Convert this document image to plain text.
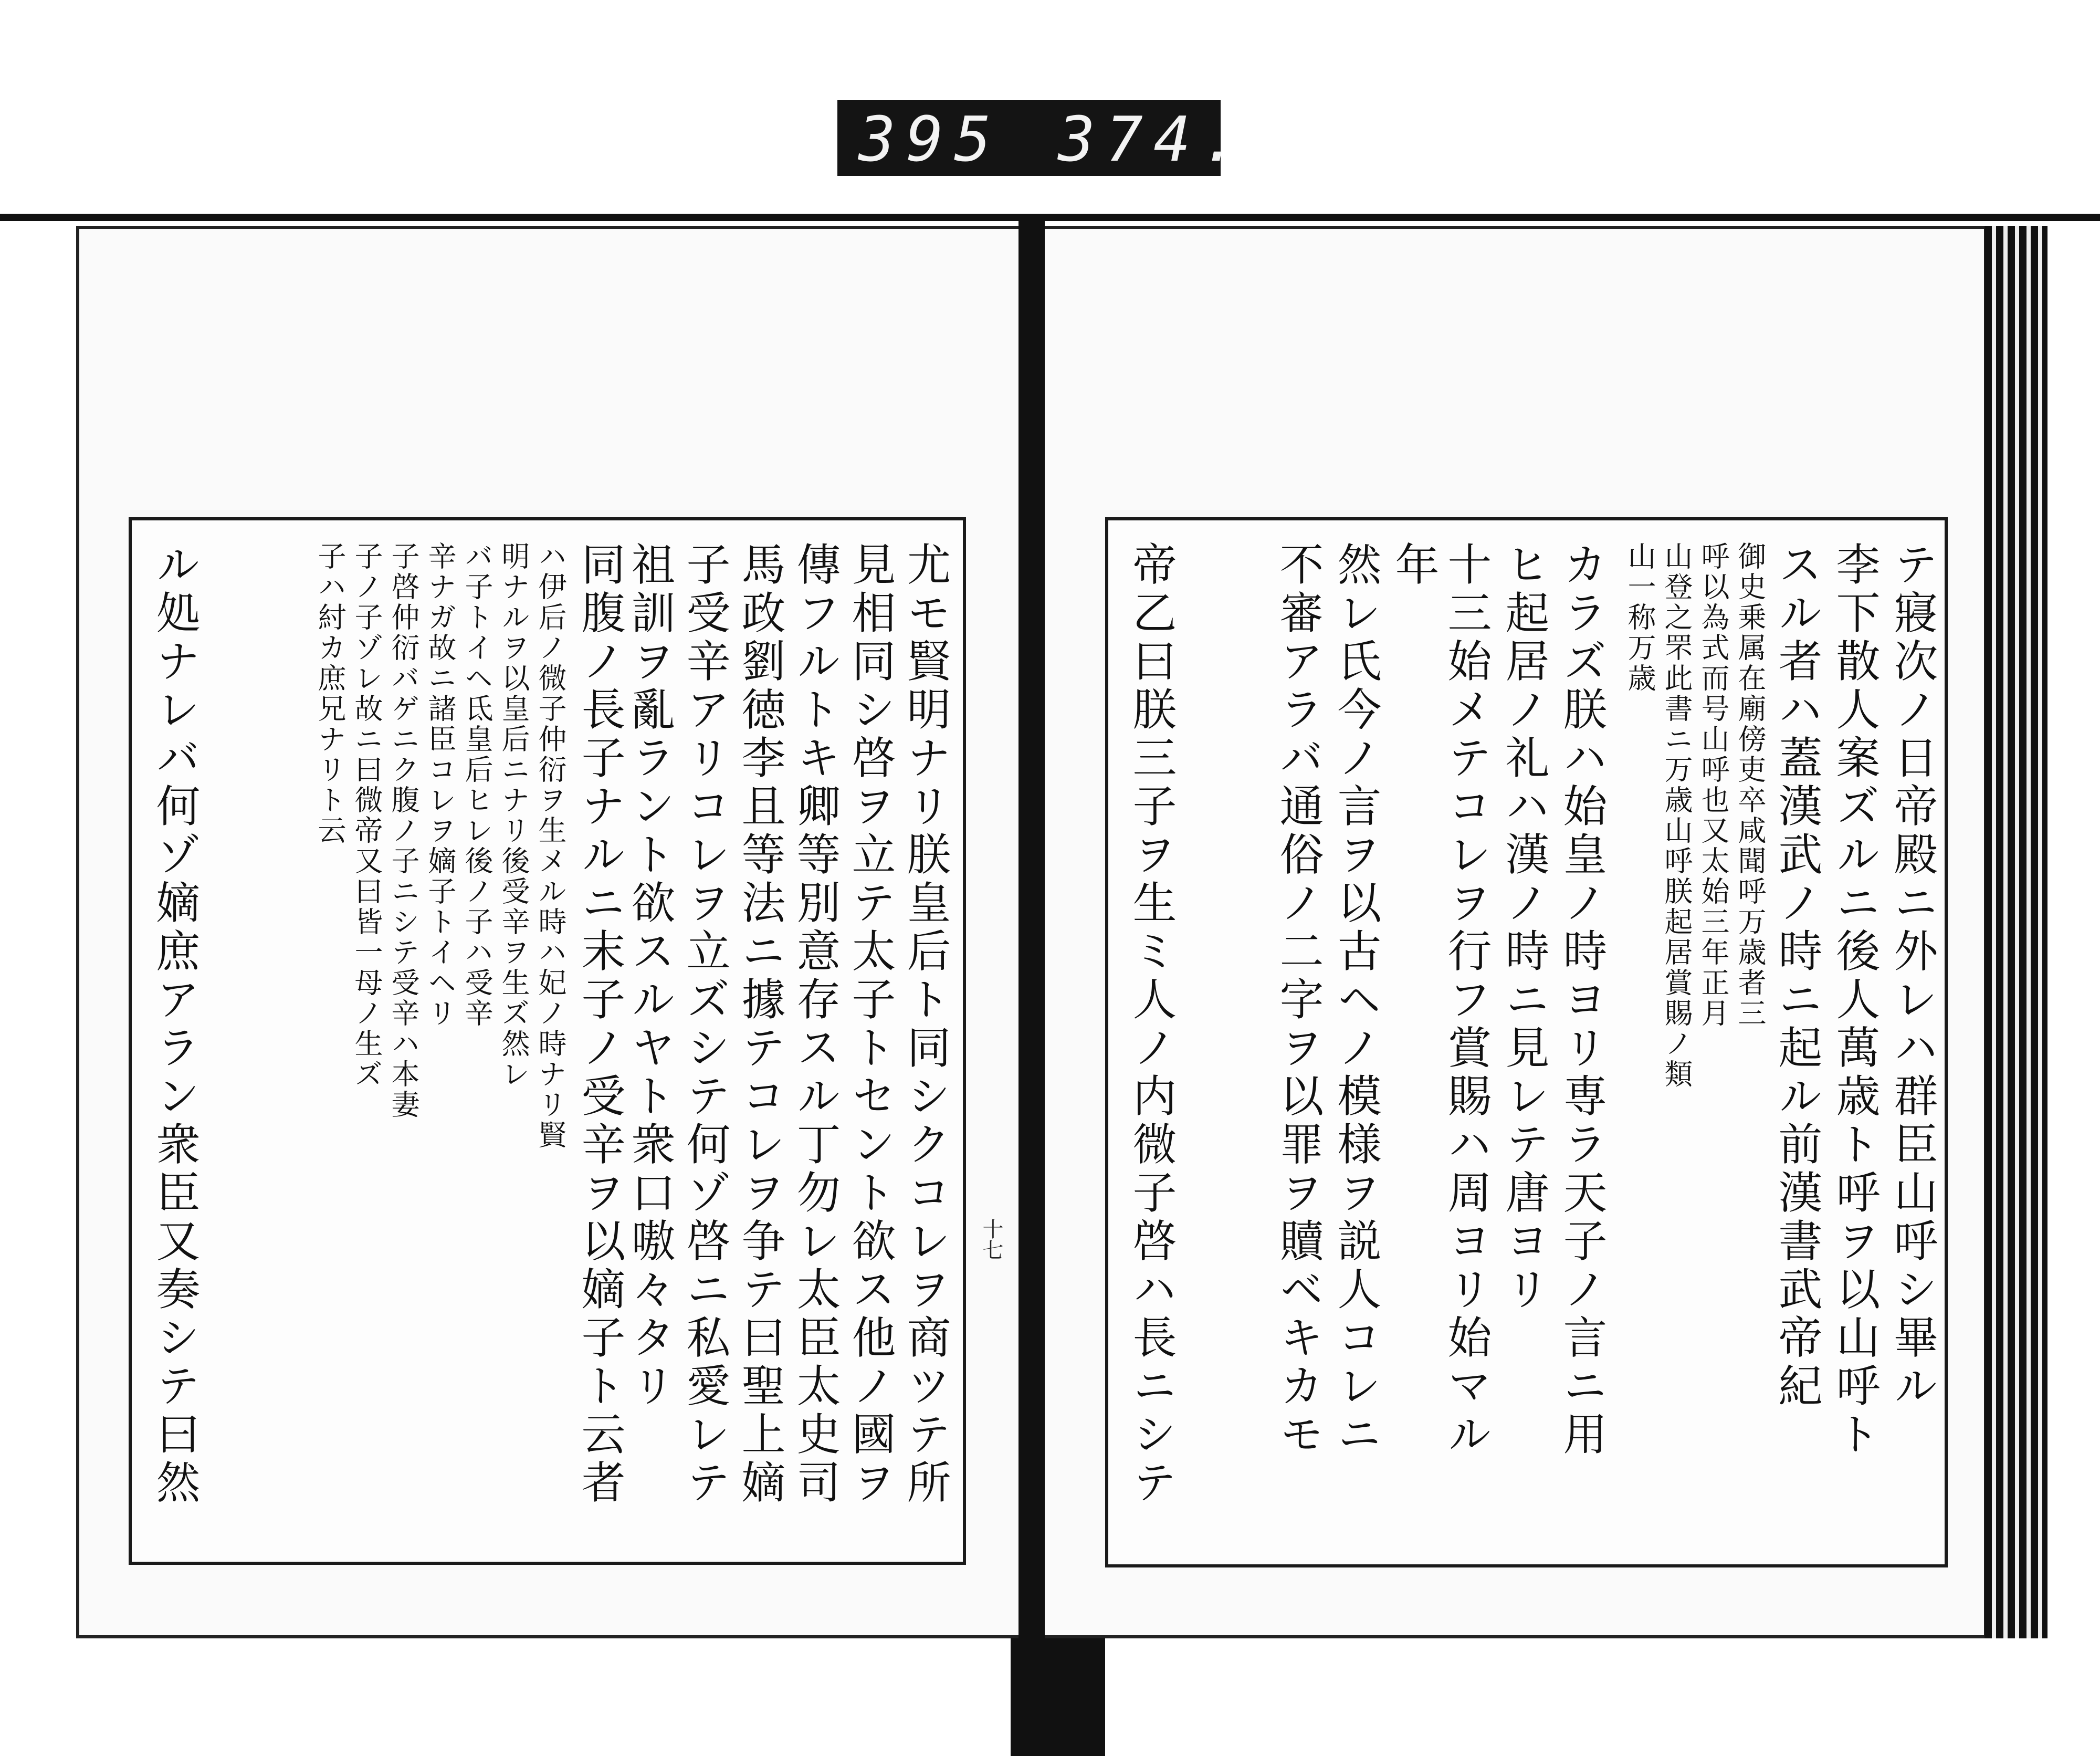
395 374.
十七
尤モ賢明ナリ朕皇后ト同シクコレヲ商ツテ所
見相同シ啓ヲ立テ太子トセント欲ス他ノ國ヲ
傳フルトキ卿等別意存スル丁勿レ太臣太史司
馬政劉徳李且等法ニ據テコレヲ争テ曰聖上嫡
子受辛アリコレヲ立ズシテ何ゾ啓ニ私愛レテ
祖訓ヲ亂ラント欲スルヤト衆口嗷々タリ
同腹ノ長子ナルニ末子ノ受辛ヲ以嫡子ト云者
ハ伊后ノ微子仲衍ヲ生メル時ハ妃ノ時ナリ賢
明ナルヲ以皇后ニナリ後受辛ヲ生ズ然レ
バ子トイヘ氐皇后ヒレ後ノ子ハ受辛
辛ナガ故ニ諸臣コレヲ嫡子トイヘリ
子啓仲衍バゲニク腹ノ子ニシテ受辛ハ本妻
子ノ子ゾレ故ニ曰微帝又曰皆一母ノ生ズ
子ハ紂カ庶兄ナリト云
ル処ナレバ何ゾ嫡庶アラン衆臣又奏シテ曰然	テ寢次ノ日帝殿ニ外レハ群臣山呼シ畢ル
李下散人案ズルニ後人萬歳ト呼ヲ以山呼ト
スル者ハ蓋漢武ノ時ニ起ル前漢書武帝紀
御史乗属在廟傍吏卒咸聞呼万歳者三
呼以為式而号山呼也又太始三年正月
山登之罘此書ニ万歳山呼朕起居賞賜ノ類
山一称万歳
カラズ朕ハ始皇ノ時ヨリ専ラ天子ノ言ニ用
ヒ起居ノ礼ハ漢ノ時ニ見レテ唐ヨリ
十三始メテコレヲ行フ賞賜ハ周ヨリ始マル
年
然レ氏今ノ言ヲ以古ヘノ模様ヲ説人コレニ
不審アラバ通俗ノ二字ヲ以罪ヲ贖ベキカモ
帝乙曰朕三子ヲ生ミ人ノ内微子啓ハ長ニシテ
